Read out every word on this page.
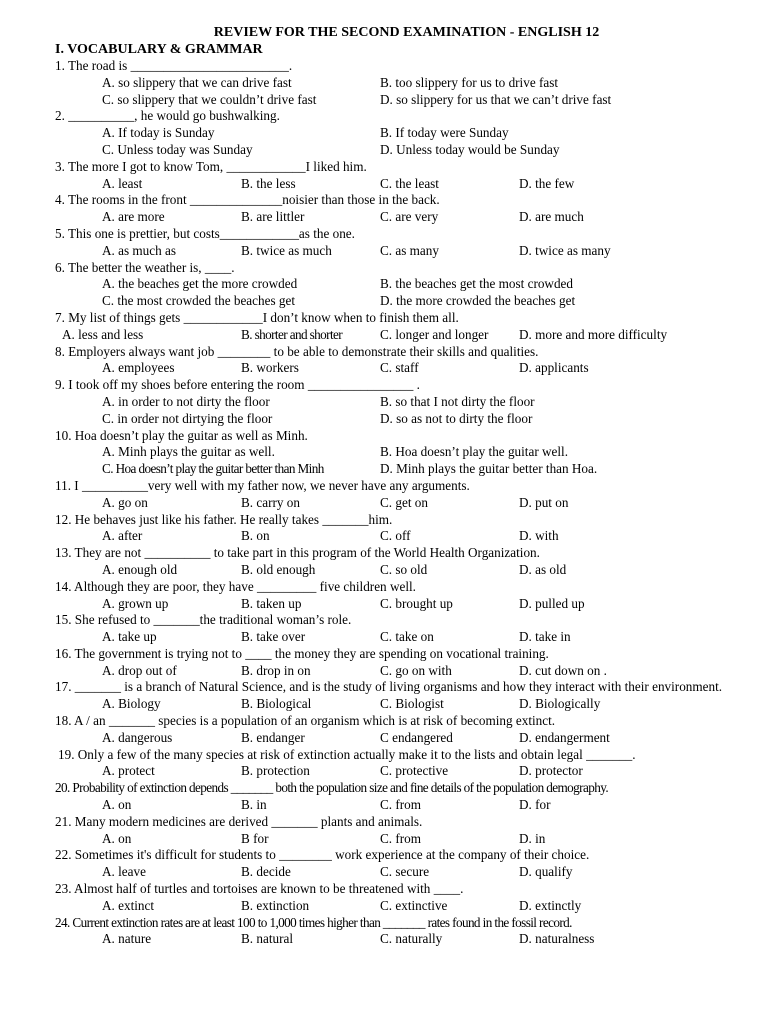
REVIEW FOR THE SECOND EXAMINATION - ENGLISH 12
I. VOCABULARY & GRAMMAR
1. The road is ________________________.
A. so slippery that we can drive fast	B. too slippery for us to drive fast
C. so slippery that we couldn’t drive fast	D. so slippery for us that we can’t drive fast
2. __________, he would go bushwalking.
A. If today is Sunday	B. If today were Sunday
C. Unless today was Sunday	D. Unless today would be Sunday
3. The more I got to know Tom, ____________I liked him.
A. least	B. the less	C. the least	D. the few
4. The rooms in the front ______________noisier than those in the back.
A. are more	B. are littler	C. are very	D. are much
5. This one is prettier, but costs____________as the one.
A. as much as	B. twice as much	C. as many	D. twice as many
6. The better the weather is, ____.
A. the beaches get the more crowded	B. the beaches get the most crowded
C. the most crowded the beaches get	D. the more crowded the beaches get
7. My list of things gets ____________I don’t know when to finish them all.
A. less and less	B. shorter and shorter	C. longer and longer D. more and more difficulty
8. Employers always want job ________ to be able to demonstrate their skills and qualities.
A. employees	B. workers	C. staff	D. applicants
9. I took off my shoes before entering the room ________________ .
A. in order to not dirty the floor	B. so that I not dirty the floor
C. in order not dirtying the floor	D. so as not to dirty the floor
10. Hoa doesn’t play the guitar as well as Minh.
A. Minh plays the guitar as well.	B. Hoa doesn’t play the guitar well.
C. Hoa doesn’t play the guitar better than Minh	D. Minh plays the guitar better than Hoa.
11. I __________very well with my father now, we never have any arguments.
A. go on	B. carry on	C. get on	D. put on
12. He behaves just like his father. He really takes _______him.
A. after	B. on	C. off	D. with
13. They are not __________ to take part in this program of the World Health Organization.
A. enough old	B. old enough	C. so old	D. as old
14. Although they are poor, they have _________ five children well.
A. grown up	B. taken up	C. brought up	D. pulled up
15. She refused to _______the traditional woman’s role.
A. take up	B. take over	C. take on	D. take in
16. The government is trying not to ____ the money they are spending on vocational training.
A. drop out of	B. drop in on	C. go on with	D. cut down on .
17. _______ is a branch of Natural Science, and is the study of living organisms and how they interact with their environment.
A. Biology	B. Biological	C. Biologist	D. Biologically
18. A / an _______ species is a population of an organism which is at risk of becoming extinct.
A. dangerous	B. endanger	C endangered	D. endangerment
19. Only a few of the many species at risk of extinction actually make it to the lists and obtain legal _______.
A. protect	B. protection	C. protective	D. protector
20. Probability of extinction depends _______ both the population size and fine details of the population demography.
A. on	B. in	C. from	D. for
21. Many modern medicines are derived _______ plants and animals.
A. on	B for	C. from	D. in
22. Sometimes it's difficult for students to ________ work experience at the company of their choice.
A. leave	B. decide	C. secure	D. qualify
23. Almost half of turtles and tortoises are known to be threatened with ____.
A. extinct	B. extinction	C. extinctive	D. extinctly
24. Current extinction rates are at least 100 to 1,000 times higher than _______ rates found in the fossil record.
A. nature	B. natural	C. naturally	D. naturalness
